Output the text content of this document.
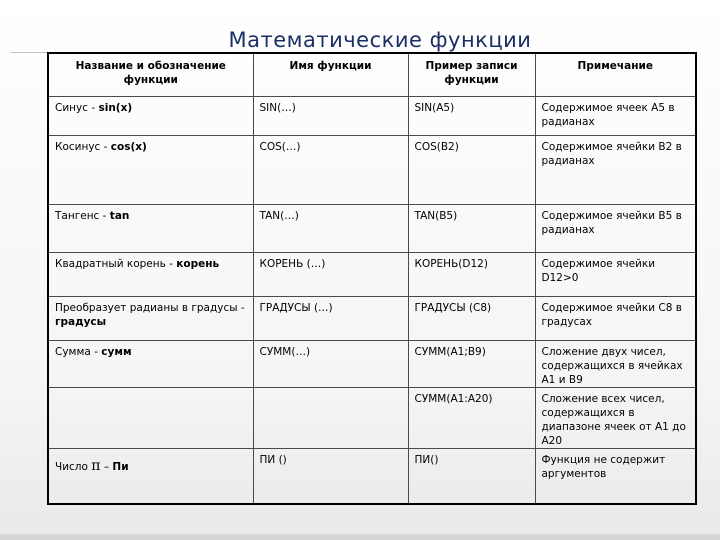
Математические функции
Название и обозначение функции	Имя функции	Пример записи функции	Примечание
Синус - sin(x)	SIN(…)	SIN(A5)	Содержимое ячеек А5 в радианах
Косинус - cos(x)	COS(…)	COS(B2)	Содержимое ячейки В2 в радианах
Тангенс - tan	TAN(…)	TAN(B5)	Содержимое ячейки В5 в радианах
Квадратный корень - корень	КОРЕНЬ (…)	КОРЕНЬ(D12)	Содержимое ячейки D12>0
Преобразует радианы в градусы - градусы	ГРАДУСЫ (…)	ГРАДУСЫ (С8)	Содержимое ячейки С8 в градусах
Сумма - сумм	СУММ(…)	СУММ(А1;В9)	Сложение двух чисел, содержащихся в ячейках А1 и В9
		СУММ(А1:А20)	Сложение всех чисел, содержащихся в диапазоне ячеек от А1 до А20
Число π – Пи	ПИ ()	ПИ()	Функция не содержит аргументов
